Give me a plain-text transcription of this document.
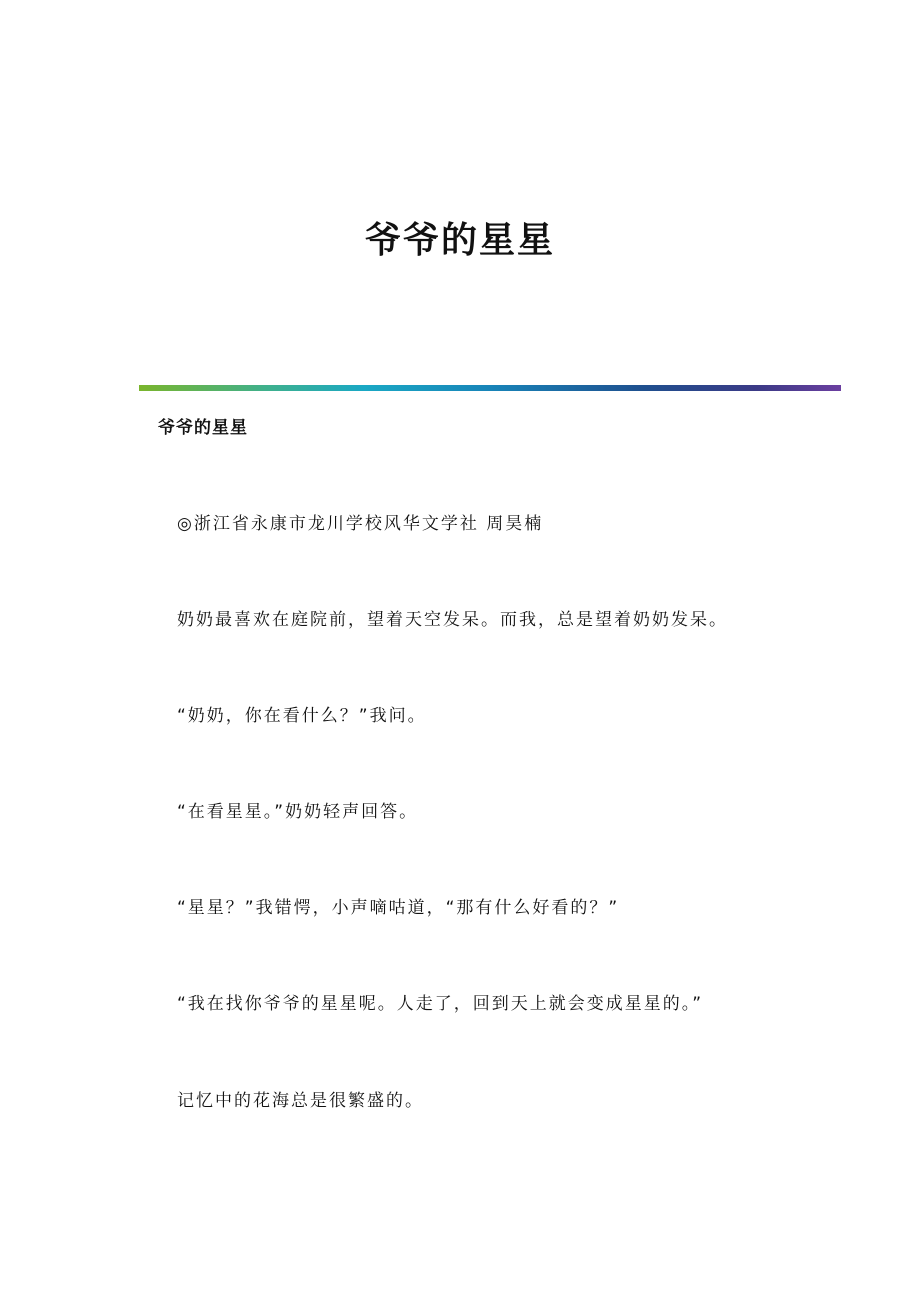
爷爷的星星
爷爷的星星

◎浙江省永康市龙川学校风华文学社 周昊楠

奶奶最喜欢在庭院前，望着天空发呆。而我，总是望着奶奶发呆。

“奶奶，你在看什么？”我问。

“在看星星。”奶奶轻声回答。

“星星？”我错愕，小声嘀咕道，“那有什么好看的？”

“我在找你爷爷的星星呢。人走了，回到天上就会变成星星的。”

记忆中的花海总是很繁盛的。
